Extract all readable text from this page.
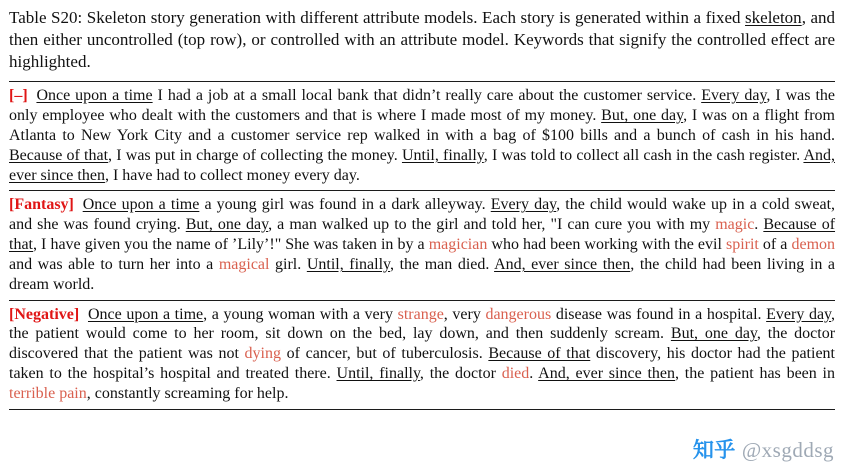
Table S20: Skeleton story generation with different attribute models. Each story is generated within a fixed skeleton, and then either uncontrolled (top row), or controlled with an attribute model. Keywords that signify the controlled effect are highlighted.

[–] Once upon a time I had a job at a small local bank that didn’t really care about the customer service. Every day, I was the only employee who dealt with the customers and that is where I made most of my money. But, one day, I was on a flight from Atlanta to New York City and a customer service rep walked in with a bag of $100 bills and a bunch of cash in his hand. Because of that, I was put in charge of collecting the money. Until, finally, I was told to collect all cash in the cash register. And, ever since then, I have had to collect money every day.

[Fantasy] Once upon a time a young girl was found in a dark alleyway. Every day, the child would wake up in a cold sweat, and she was found crying. But, one day, a man walked up to the girl and told her, "I can cure you with my magic. Because of that, I have given you the name of ’Lily’!" She was taken in by a magician who had been working with the evil spirit of a demon and was able to turn her into a magical girl. Until, finally, the man died. And, ever since then, the child had been living in a dream world.

[Negative] Once upon a time, a young woman with a very strange, very dangerous disease was found in a hospital. Every day, the patient would come to her room, sit down on the bed, lay down, and then suddenly scream. But, one day, the doctor discovered that the patient was not dying of cancer, but of tuberculosis. Because of that discovery, his doctor had the patient taken to the hospital’s hospital and treated there. Until, finally, the doctor died. And, ever since then, the patient has been in terrible pain, constantly screaming for help.

知乎 @xsgddsg
